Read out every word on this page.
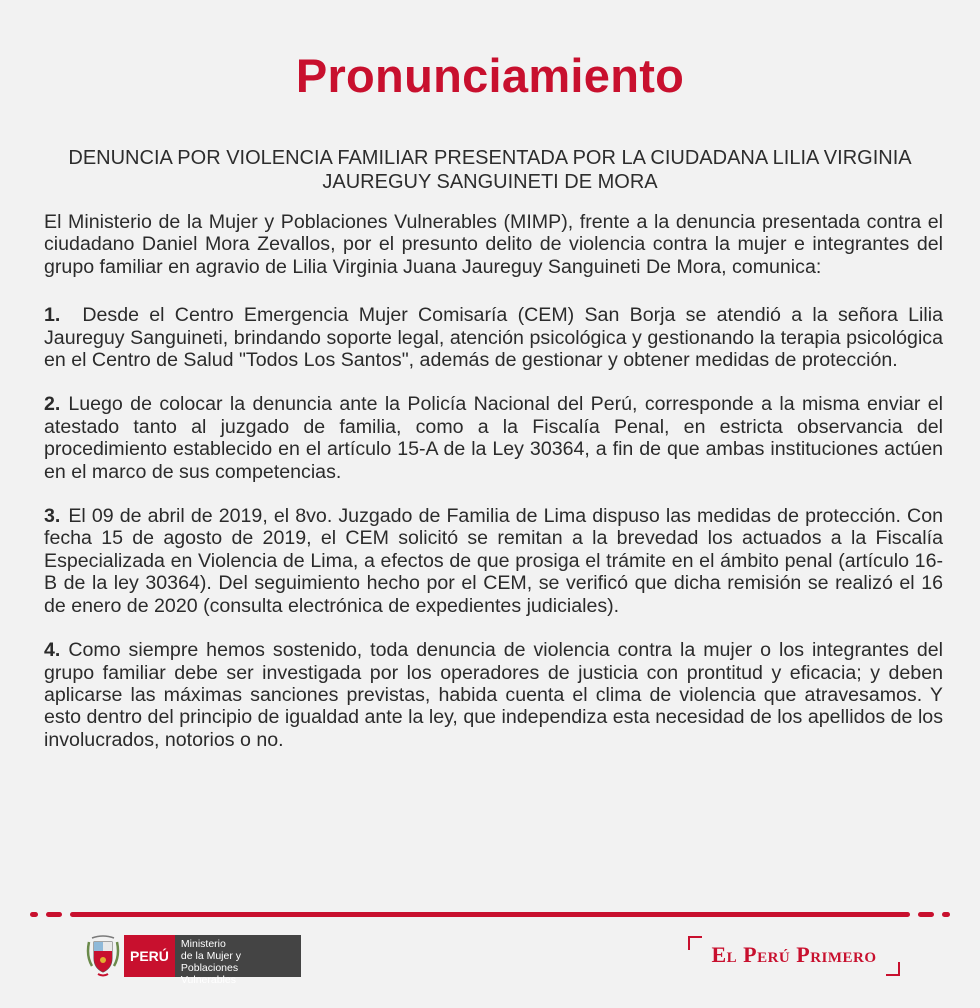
Pronunciamiento
DENUNCIA POR VIOLENCIA FAMILIAR PRESENTADA POR LA CIUDADANA LILIA VIRGINIA JAUREGUY SANGUINETI DE MORA

El Ministerio de la Mujer y Poblaciones Vulnerables (MIMP), frente a la denuncia presentada contra el ciudadano Daniel Mora Zevallos, por el presunto delito de violencia contra la mujer e integrantes del grupo familiar en agravio de Lilia Virginia Juana Jaureguy Sanguineti De Mora, comunica:

1. Desde el Centro Emergencia Mujer Comisaría (CEM) San Borja se atendió a la señora Lilia Jaureguy Sanguineti, brindando soporte legal, atención psicológica y gestionando la terapia psicológica en el Centro de Salud "Todos Los Santos", además de gestionar y obtener medidas de protección.

2. Luego de colocar la denuncia ante la Policía Nacional del Perú, corresponde a la misma enviar el atestado tanto al juzgado de familia, como a la Fiscalía Penal, en estricta observancia del procedimiento establecido en el artículo 15-A de la Ley 30364, a fin de que ambas instituciones actúen en el marco de sus competencias.

3. El 09 de abril de 2019, el 8vo. Juzgado de Familia de Lima dispuso las medidas de protección. Con fecha 15 de agosto de 2019, el CEM solicitó se remitan a la brevedad los actuados a la Fiscalía Especializada en Violencia de Lima, a efectos de que prosiga el trámite en el ámbito penal (artículo 16-B de la ley 30364). Del seguimiento hecho por el CEM, se verificó que dicha remisión se realizó el 16 de enero de 2020 (consulta electrónica de expedientes judiciales).

4. Como siempre hemos sostenido, toda denuncia de violencia contra la mujer o los integrantes del grupo familiar debe ser investigada por los operadores de justicia con prontitud y eficacia; y deben aplicarse las máximas sanciones previstas, habida cuenta el clima de violencia que atravesamos. Y esto dentro del principio de igualdad ante la ley, que independiza esta necesidad de los apellidos de los involucrados, notorios o no.

PERÚ
Ministerio
de la Mujer y
Poblaciones Vulnerables
El Perú Primero
